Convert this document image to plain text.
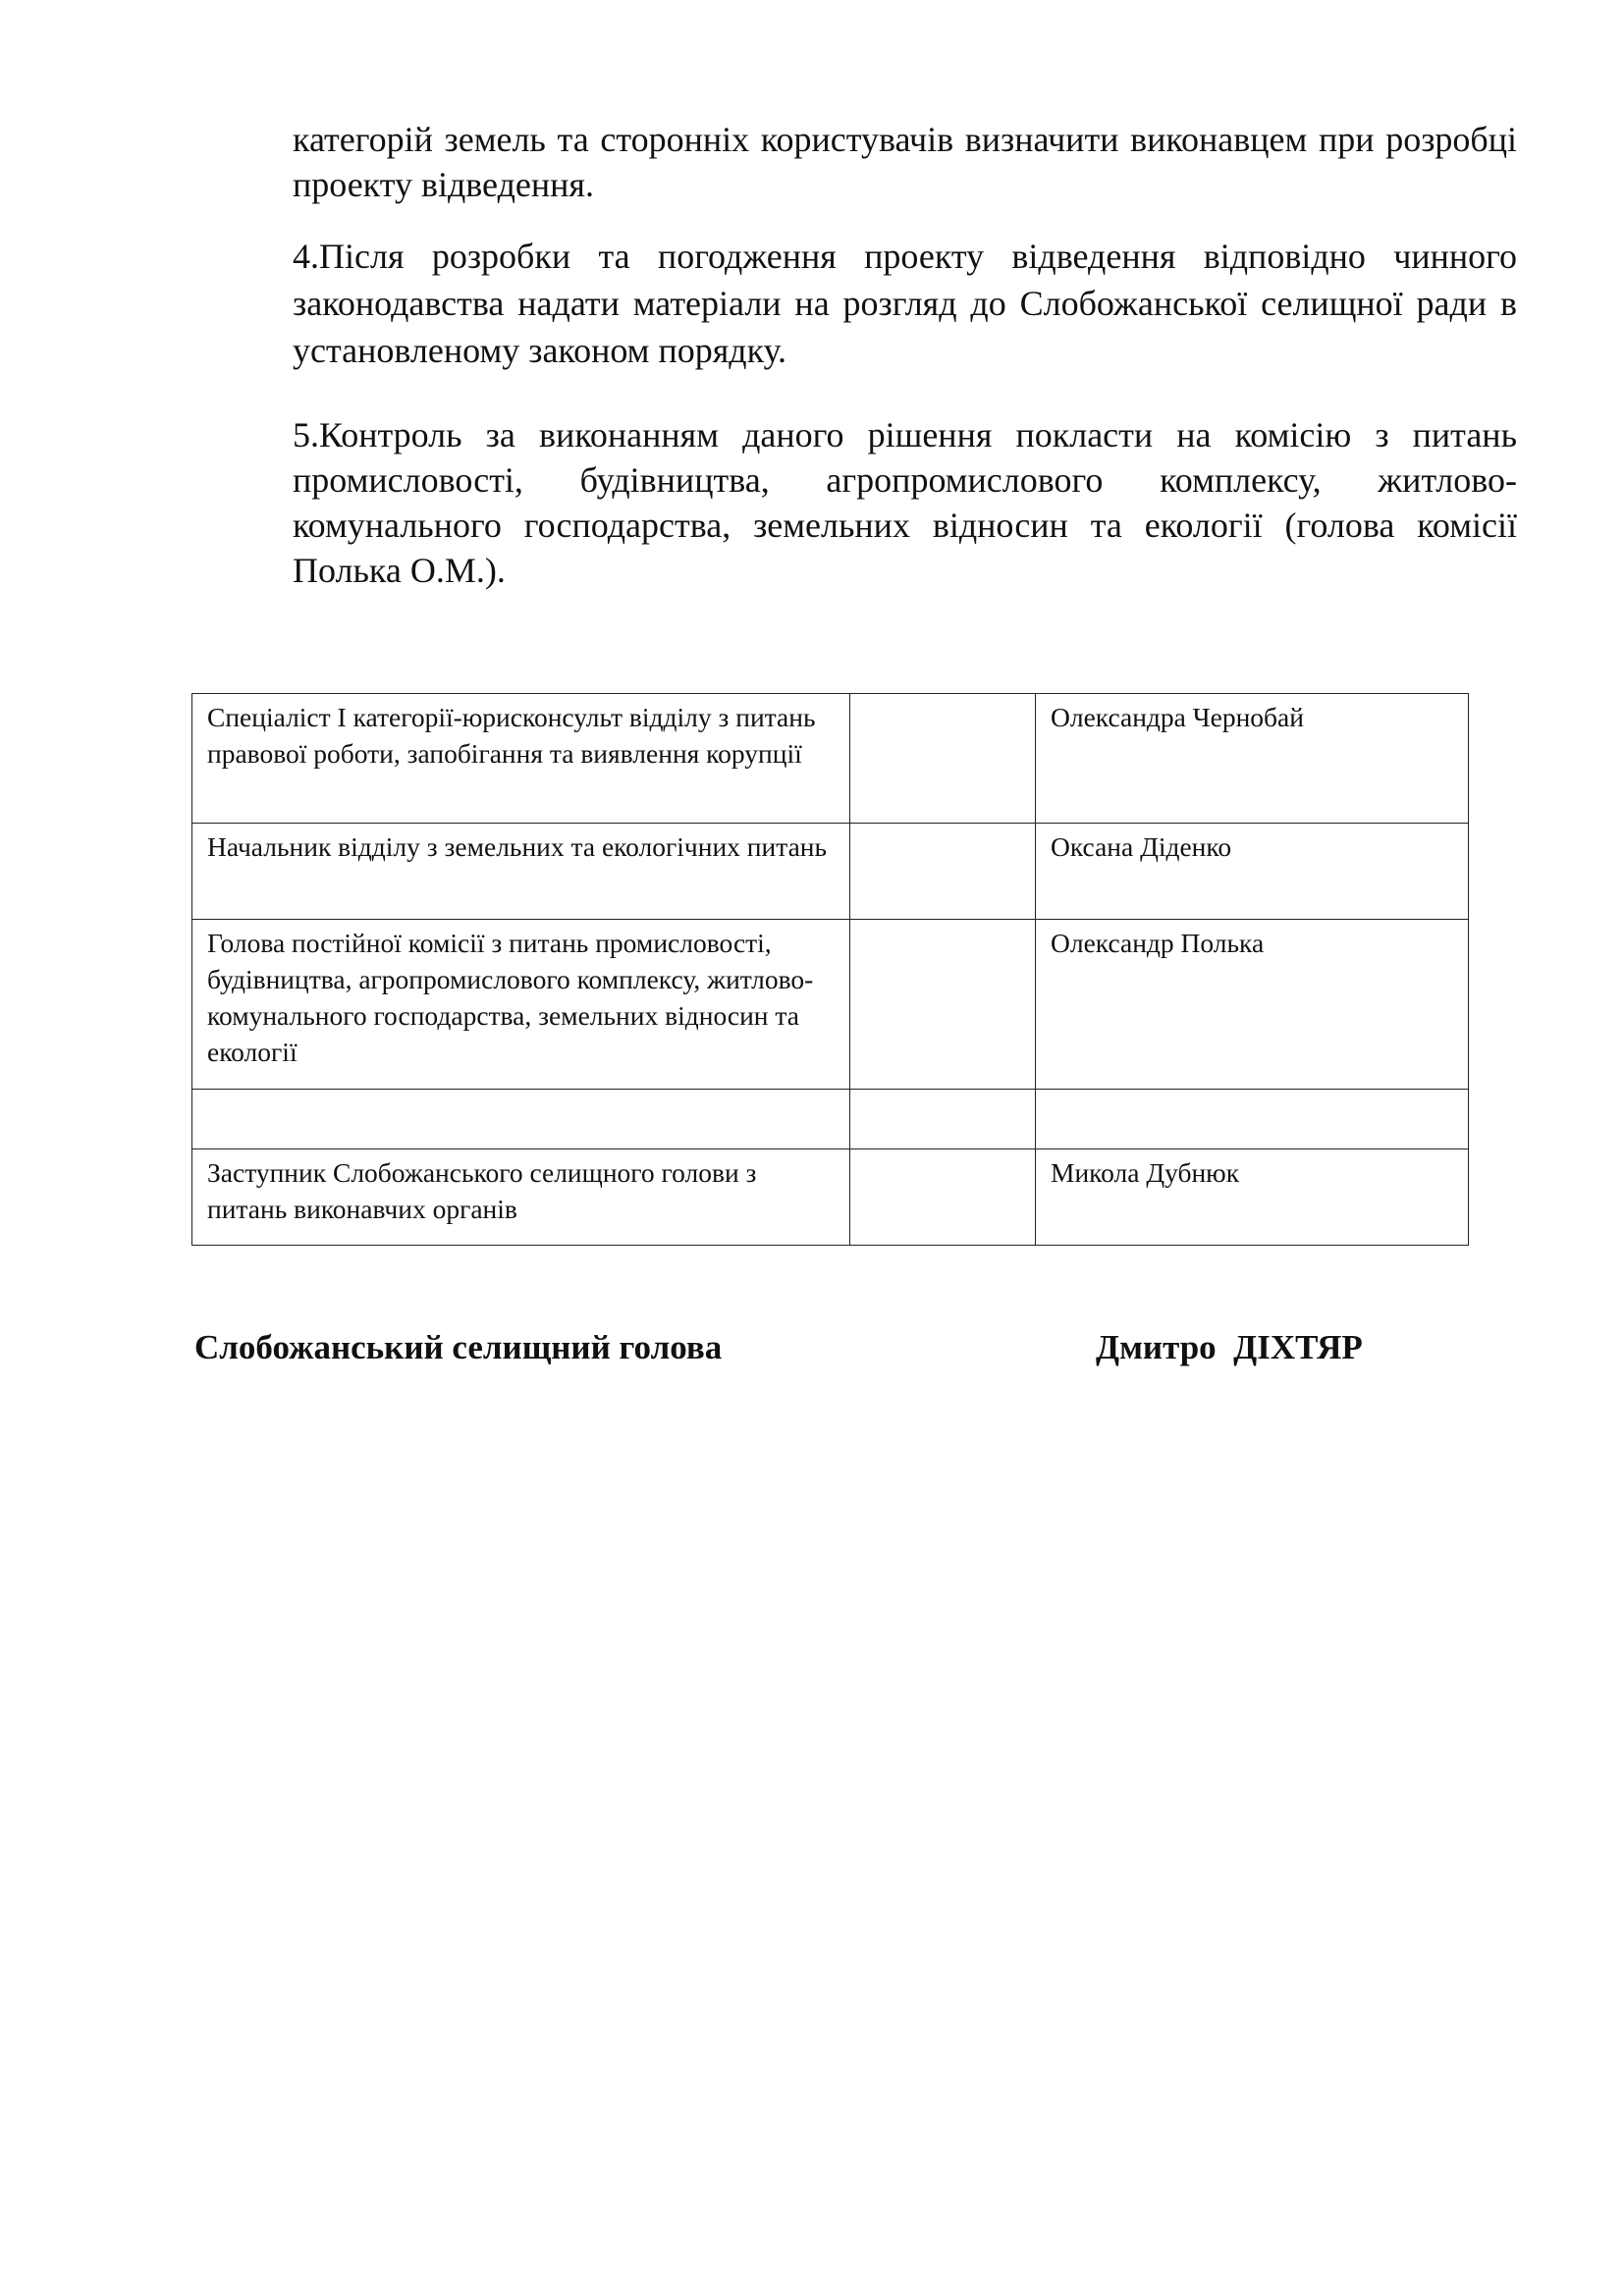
категорій земель та сторонніх користувачів визначити виконавцем при розробці проекту відведення.

4.Після розробки та погодження проекту відведення відповідно чинного законодавства надати матеріали на розгляд до Слобожанської селищної ради в установленому законом порядку.

5.Контроль за виконанням даного рішення покласти на комісію з питань промисловості, будівництва, агропромислового комплексу, житлово-комунального господарства, земельних відносин та екології (голова комісії Полька О.М.).

Спеціаліст І категорії-юрисконсульт відділу з питань правової роботи, запобігання та виявлення корупції		Олександра Чернобай
Начальник відділу з земельних та екологічних питань		Оксана Діденко
Голова постійної комісії з питань промисловості, будівництва, агропромислового комплексу, житлово-комунального господарства, земельних відносин та екології		Олександр Полька

Заступник Слобожанського селищного голови з питань виконавчих органів		Микола Дубнюк
Слобожанський селищний голова	Дмитро  ДІХТЯР
